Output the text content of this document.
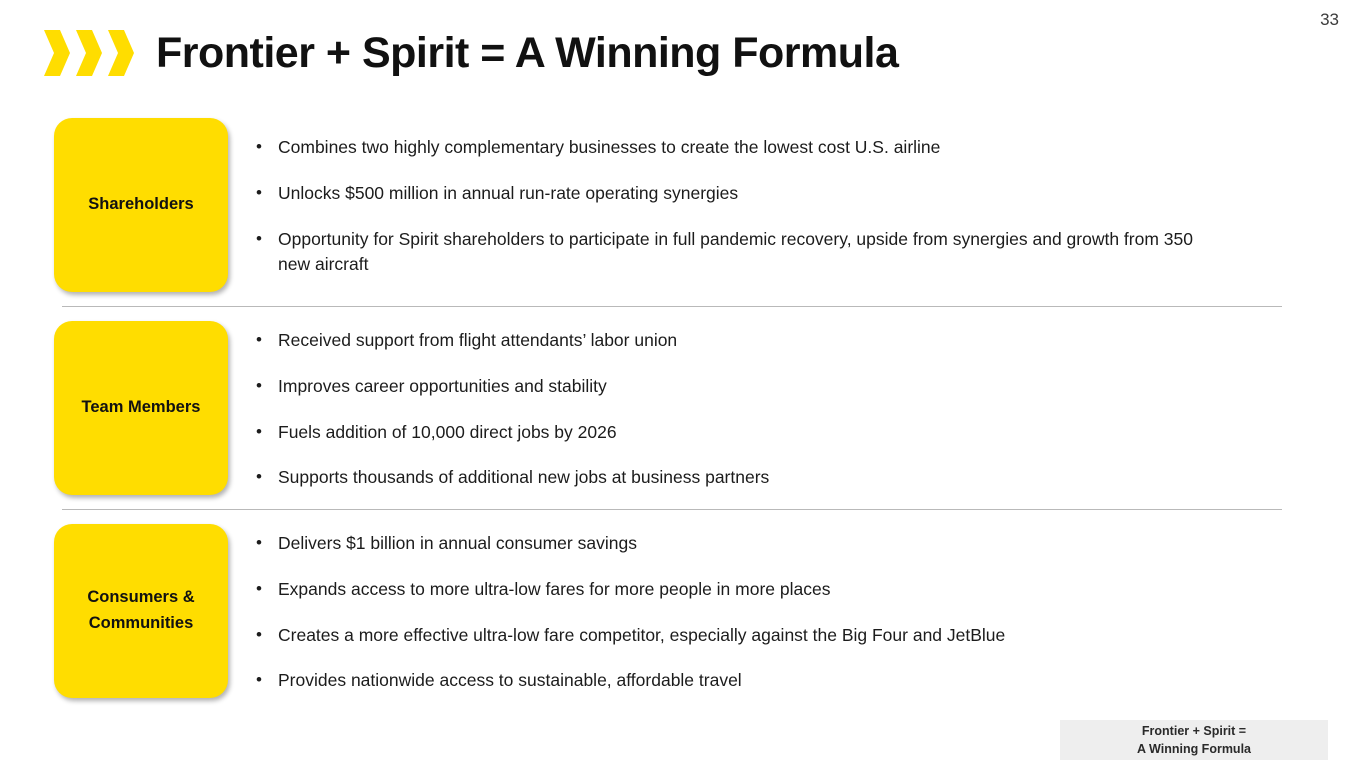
33
Frontier + Spirit = A Winning Formula
Shareholders
• Combines two highly complementary businesses to create the lowest cost U.S. airline
• Unlocks $500 million in annual run-rate operating synergies
• Opportunity for Spirit shareholders to participate in full pandemic recovery, upside from synergies and growth from 350 new aircraft
Team Members
• Received support from flight attendants’ labor union
• Improves career opportunities and stability
• Fuels addition of 10,000 direct jobs by 2026
• Supports thousands of additional new jobs at business partners
Consumers & Communities
• Delivers $1 billion in annual consumer savings
• Expands access to more ultra-low fares for more people in more places
• Creates a more effective ultra-low fare competitor, especially against the Big Four and JetBlue
• Provides nationwide access to sustainable, affordable travel
Frontier + Spirit =
A Winning Formula
